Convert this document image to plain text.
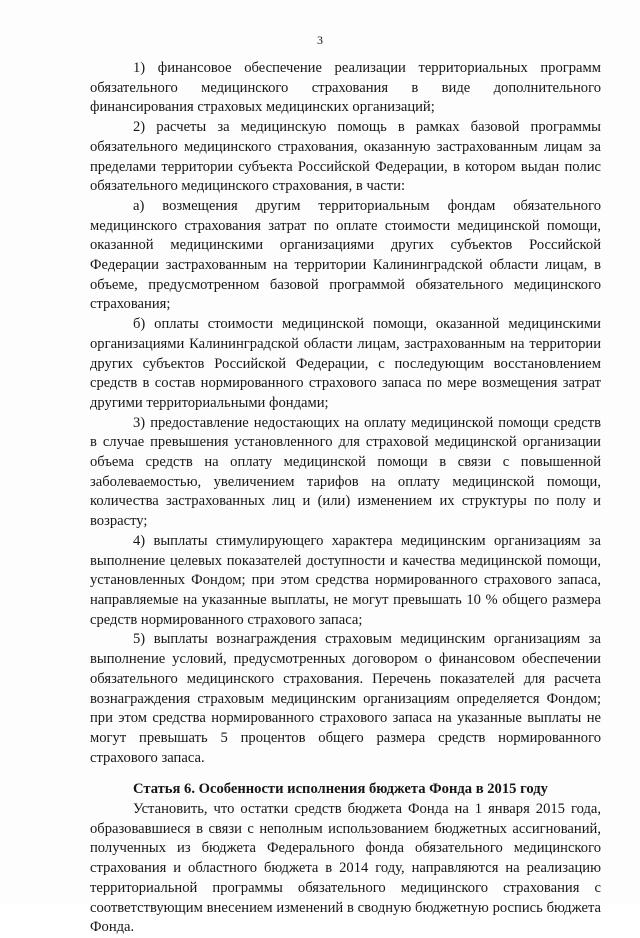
3

1) финансовое обеспечение реализации территориальных программ обязательного медицинского страхования в виде дополнительного финансирования страховых медицинских организаций;

2) расчеты за медицинскую помощь в рамках базовой программы обязательного медицинского страхования, оказанную застрахованным лицам за пределами территории субъекта Российской Федерации, в котором выдан полис обязательного медицинского страхования, в части:

а) возмещения другим территориальным фондам обязательного медицинского страхования затрат по оплате стоимости медицинской помощи, оказанной медицинскими организациями других субъектов Российской Федерации застрахованным на территории Калининградской области лицам, в объеме, предусмотренном базовой программой обязательного медицинского страхования;

б) оплаты стоимости медицинской помощи, оказанной медицинскими организациями Калининградской области лицам, застрахованным на территории других субъектов Российской Федерации, с последующим восстановлением средств в состав нормированного страхового запаса по мере возмещения затрат другими территориальными фондами;

3) предоставление недостающих на оплату медицинской помощи средств в случае превышения установленного для страховой медицинской организации объема средств на оплату медицинской помощи в связи с повышенной заболеваемостью, увеличением тарифов на оплату медицинской помощи, количества застрахованных лиц и (или) изменением их структуры по полу и возрасту;

4) выплаты стимулирующего характера медицинским организациям за выполнение целевых показателей доступности и качества медицинской помощи, установленных Фондом; при этом средства нормированного страхового запаса, направляемые на указанные выплаты, не могут превышать 10 % общего размера средств нормированного страхового запаса;

5) выплаты вознаграждения страховым медицинским организациям за выполнение условий, предусмотренных договором о финансовом обеспечении обязательного медицинского страхования. Перечень показателей для расчета вознаграждения страховым медицинским организациям определяется Фондом; при этом средства нормированного страхового запаса на указанные выплаты не могут превышать 5 процентов общего размера средств нормированного страхового запаса.

Статья 6. Особенности исполнения бюджета Фонда в 2015 году

Установить, что остатки средств бюджета Фонда на 1 января 2015 года, образовавшиеся в связи с неполным использованием бюджетных ассигнований, полученных из бюджета Федерального фонда обязательного медицинского страхования и областного бюджета в 2014 году, направляются на реализацию территориальной программы обязательного медицинского страхования с соответствующим внесением изменений в сводную бюджетную роспись бюджета Фонда.
